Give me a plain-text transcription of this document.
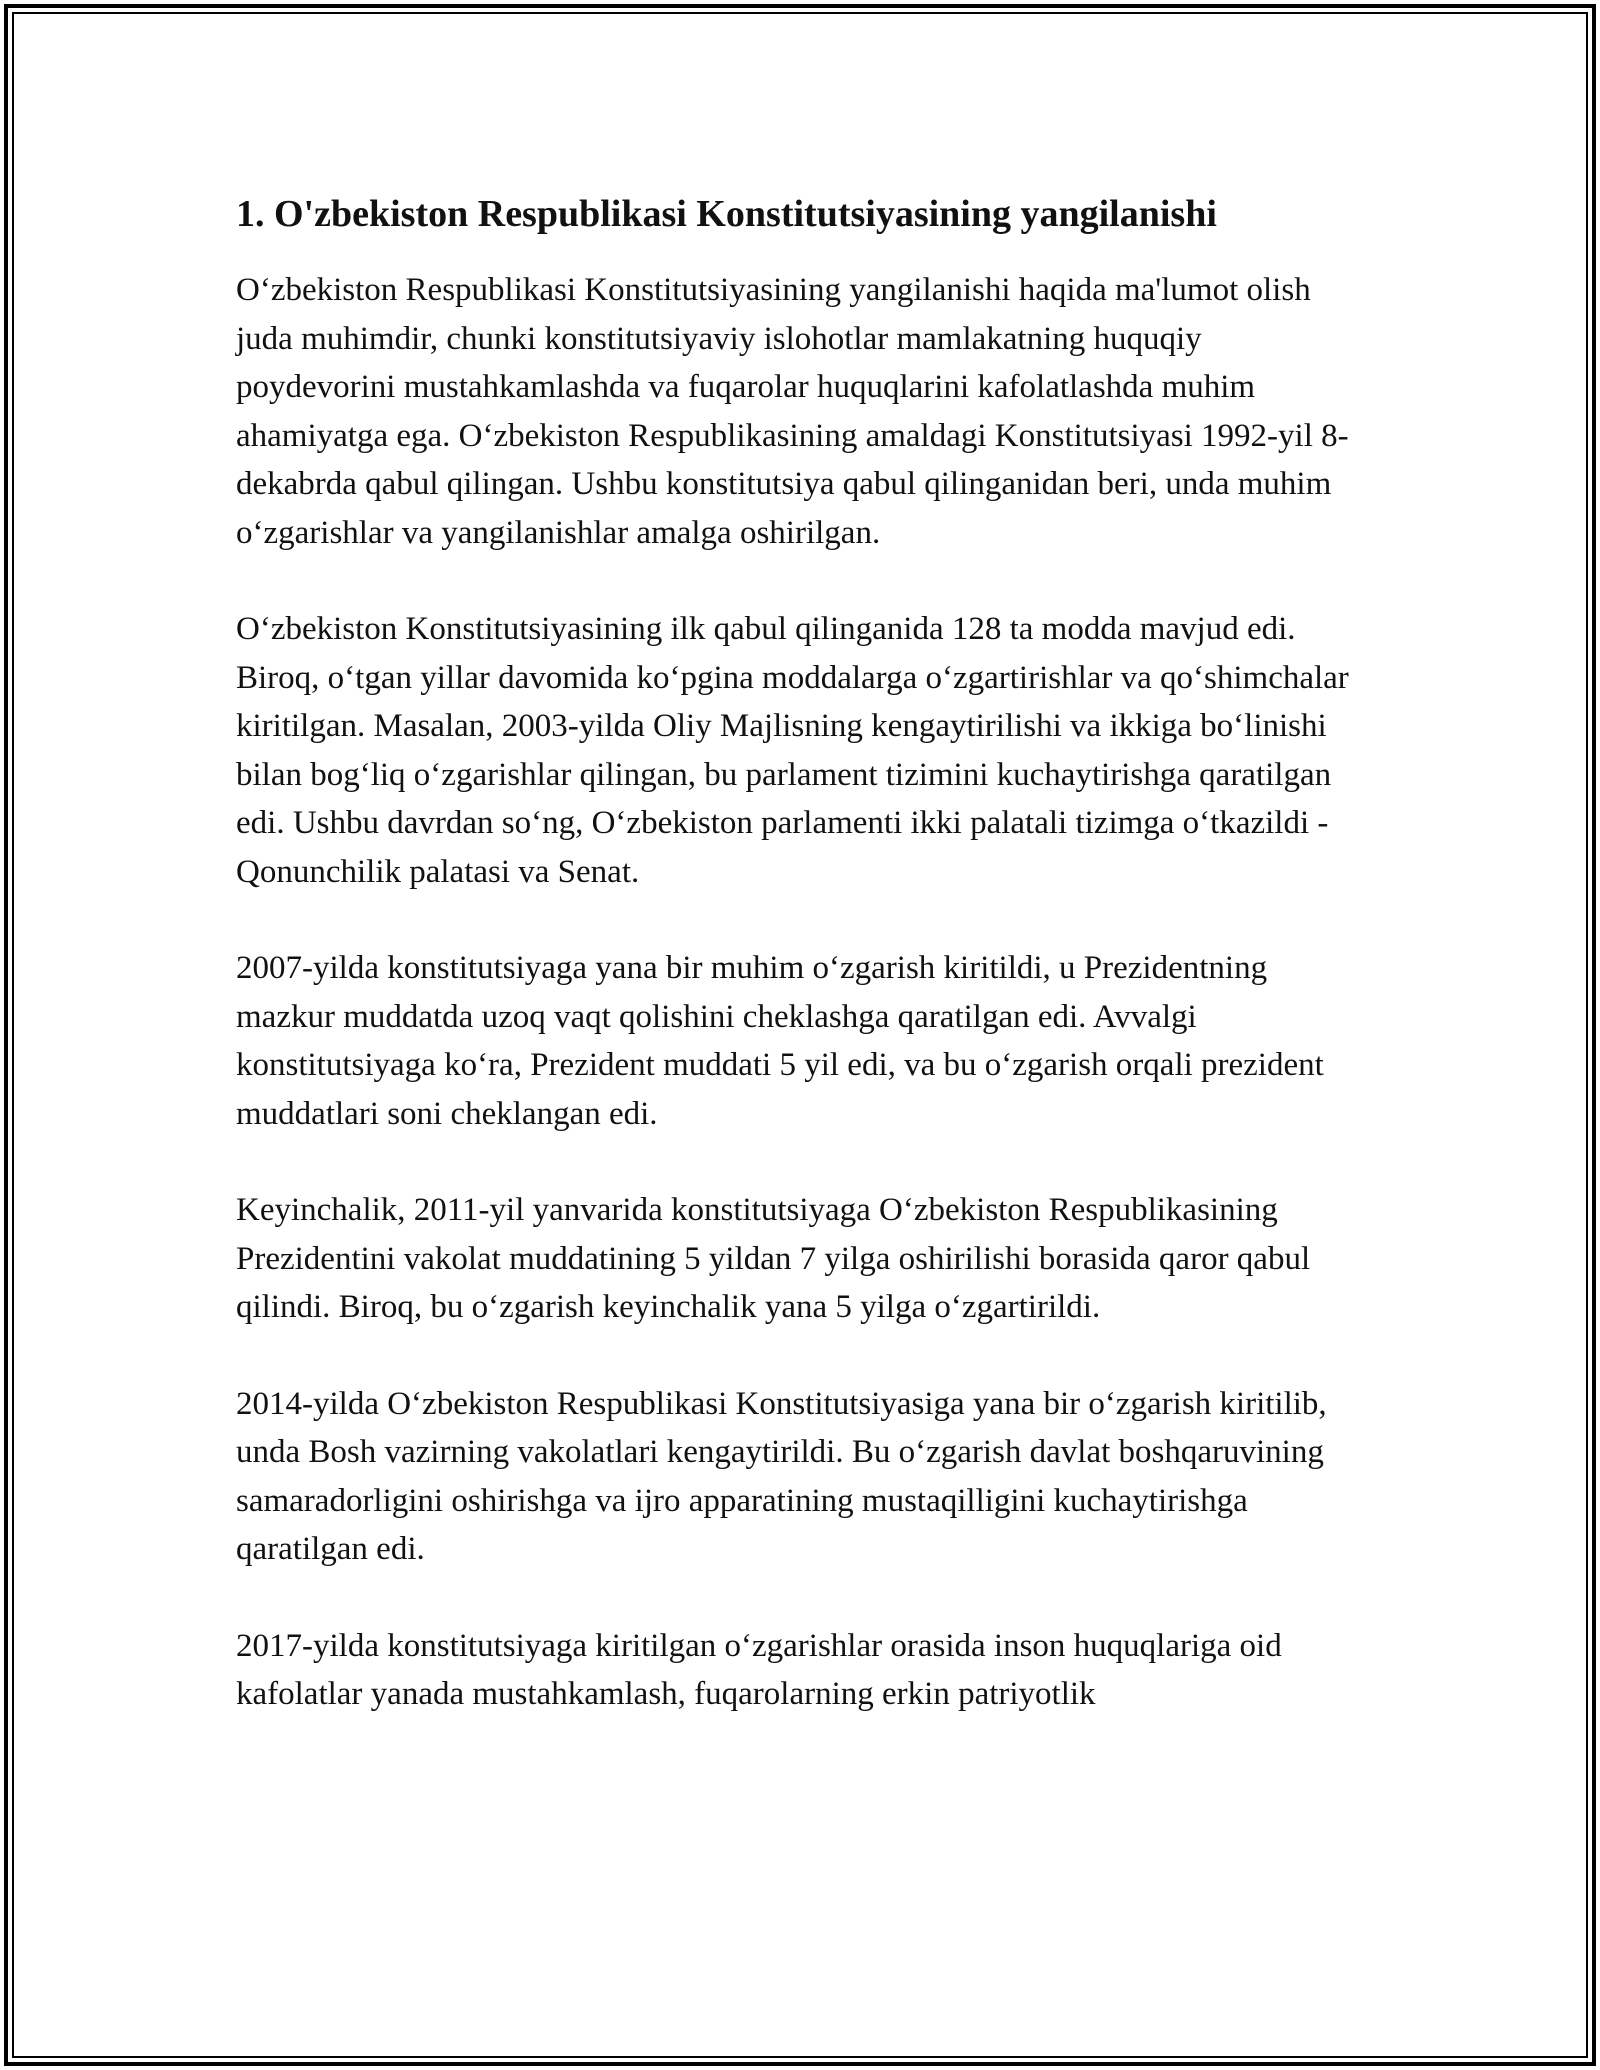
1. O'zbekiston Respublikasi Konstitutsiyasining yangilanishi

O‘zbekiston Respublikasi Konstitutsiyasining yangilanishi haqida ma'lumot olish juda muhimdir, chunki konstitutsiyaviy islohotlar mamlakatning huquqiy poydevorini mustahkamlashda va fuqarolar huquqlarini kafolatlashda muhim ahamiyatga ega. O‘zbekiston Respublikasining amaldagi Konstitutsiyasi 1992-yil 8-dekabrda qabul qilingan. Ushbu konstitutsiya qabul qilinganidan beri, unda muhim o‘zgarishlar va yangilanishlar amalga oshirilgan.

O‘zbekiston Konstitutsiyasining ilk qabul qilinganida 128 ta modda mavjud edi. Biroq, o‘tgan yillar davomida ko‘pgina moddalarga o‘zgartirishlar va qo‘shimchalar kiritilgan. Masalan, 2003-yilda Oliy Majlisning kengaytirilishi va ikkiga bo‘linishi bilan bog‘liq o‘zgarishlar qilingan, bu parlament tizimini kuchaytirishga qaratilgan edi. Ushbu davrdan so‘ng, O‘zbekiston parlamenti ikki palatali tizimga o‘tkazildi - Qonunchilik palatasi va Senat.

2007-yilda konstitutsiyaga yana bir muhim o‘zgarish kiritildi, u Prezidentning mazkur muddatda uzoq vaqt qolishini cheklashga qaratilgan edi. Avvalgi konstitutsiyaga ko‘ra, Prezident muddati 5 yil edi, va bu o‘zgarish orqali prezident muddatlari soni cheklangan edi.

Keyinchalik, 2011-yil yanvarida konstitutsiyaga O‘zbekiston Respublikasining Prezidentini vakolat muddatining 5 yildan 7 yilga oshirilishi borasida qaror qabul qilindi. Biroq, bu o‘zgarish keyinchalik yana 5 yilga o‘zgartirildi.

2014-yilda O‘zbekiston Respublikasi Konstitutsiyasiga yana bir o‘zgarish kiritilib, unda Bosh vazirning vakolatlari kengaytirildi. Bu o‘zgarish davlat boshqaruvining samaradorligini oshirishga va ijro apparatining mustaqilligini kuchaytirishga qaratilgan edi.

2017-yilda konstitutsiyaga kiritilgan o‘zgarishlar orasida inson huquqlariga oid kafolatlar yanada mustahkamlash, fuqarolarning erkin patriyotlik
